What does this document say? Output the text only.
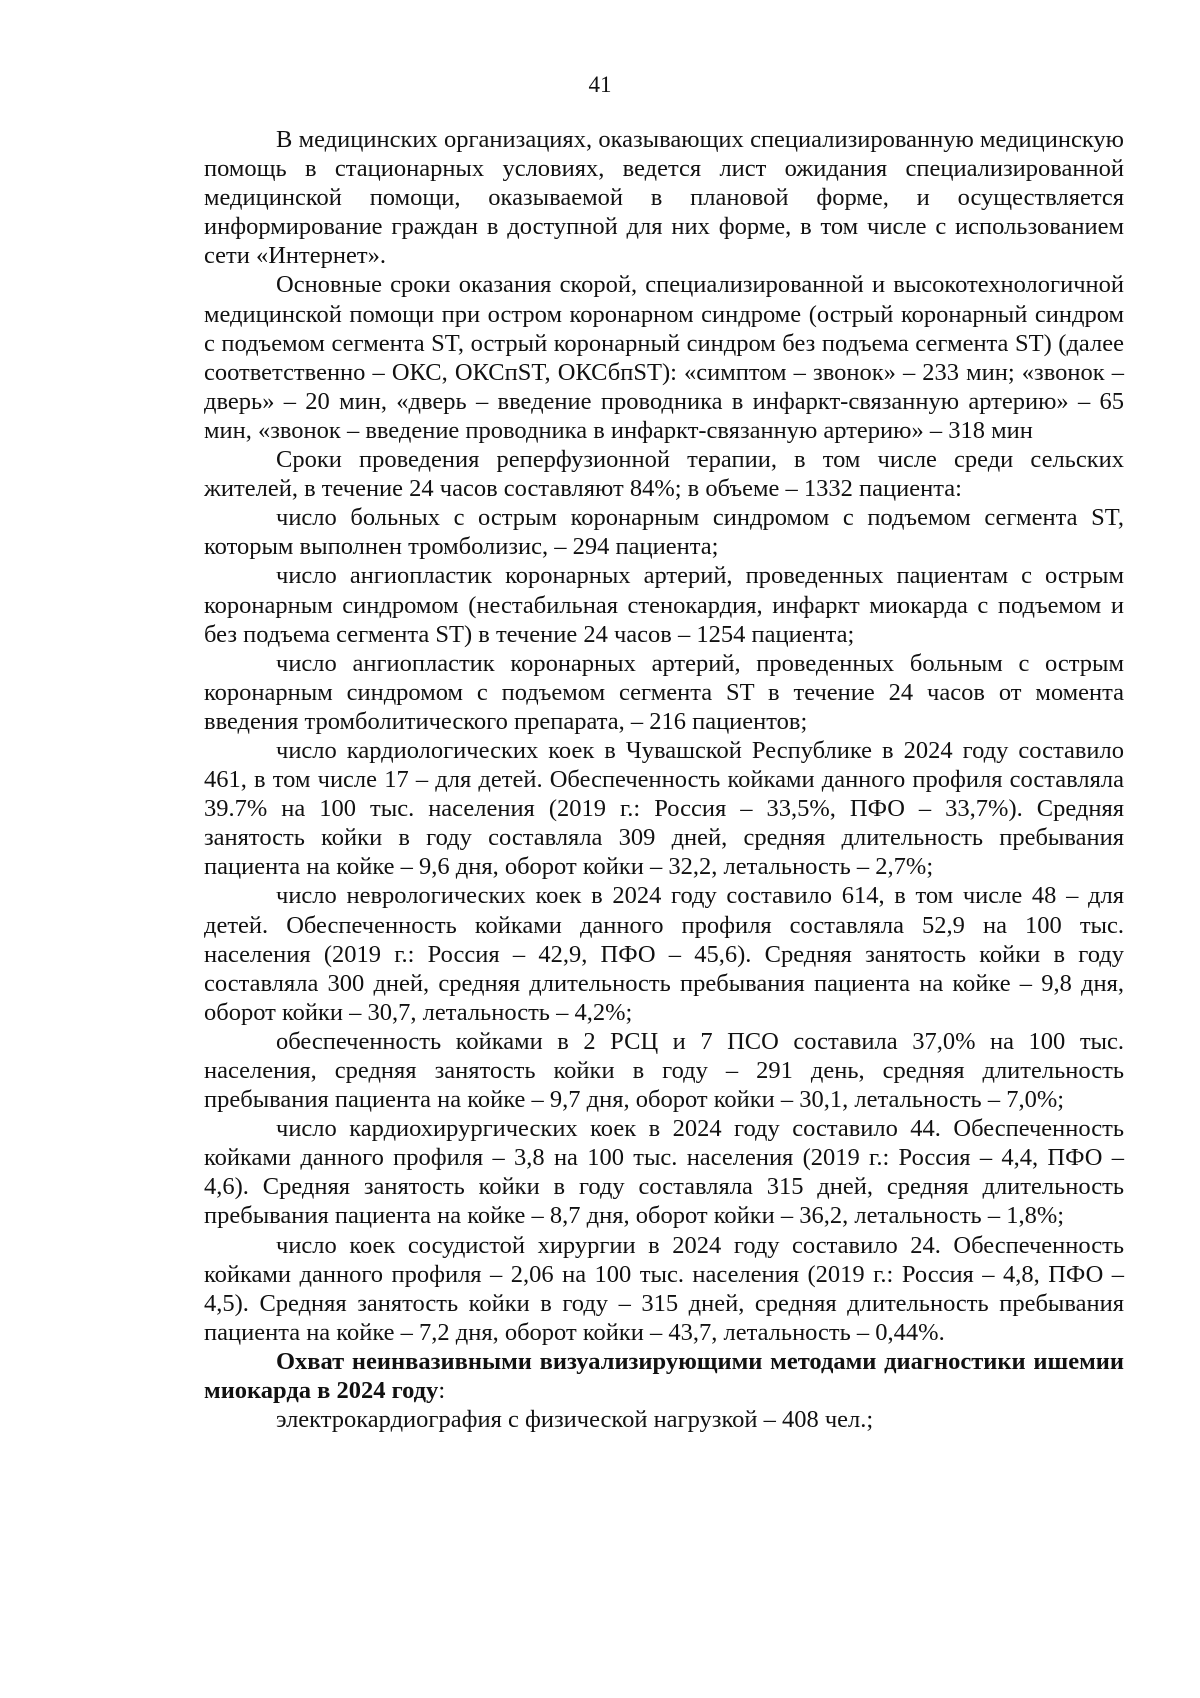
41

В медицинских организациях, оказывающих специализированную медицинскую помощь в стационарных условиях, ведется лист ожидания специализированной медицинской помощи, оказываемой в плановой форме, и осуществляется информирование граждан в доступной для них форме, в том числе с использованием сети «Интернет».

Основные сроки оказания скорой, специализированной и высокотехнологичной медицинской помощи при остром коронарном синдроме (острый коронарный синдром с подъемом сегмента ST, острый коронарный синдром без подъема сегмента ST) (далее соответственно – ОКС, ОКСпST, ОКСбпST): «симптом – звонок» – 233 мин; «звонок – дверь» – 20 мин, «дверь – введение проводника в инфаркт-связанную артерию» – 65 мин, «звонок – введение проводника в инфаркт-связанную артерию» – 318 мин

Сроки проведения реперфузионной терапии, в том числе среди сельских жителей, в течение 24 часов составляют 84%; в объеме – 1332 пациента:

число больных с острым коронарным синдромом с подъемом сегмента ST, которым выполнен тромболизис, – 294 пациента;

число ангиопластик коронарных артерий, проведенных пациентам с острым коронарным синдромом (нестабильная стенокардия, инфаркт миокарда с подъемом и без подъема сегмента ST) в течение 24 часов – 1254 пациента;

число ангиопластик коронарных артерий, проведенных больным с острым коронарным синдромом с подъемом сегмента ST в течение 24 часов от момента введения тромболитического препарата, – 216 пациентов;

число кардиологических коек в Чувашской Республике в 2024 году составило 461, в том числе 17 – для детей. Обеспеченность койками данного профиля составляла 39.7% на 100 тыс. населения (2019 г.: Россия – 33,5%, ПФО – 33,7%). Средняя занятость койки в году составляла 309 дней, средняя длительность пребывания пациента на койке – 9,6 дня, оборот койки – 32,2, летальность – 2,7%;

число неврологических коек в 2024 году составило 614, в том числе 48 – для детей. Обеспеченность койками данного профиля составляла 52,9 на 100 тыс. населения (2019 г.: Россия – 42,9, ПФО – 45,6). Средняя занятость койки в году составляла 300 дней, средняя длительность пребывания пациента на койке – 9,8 дня, оборот койки – 30,7, летальность – 4,2%;

обеспеченность койками в 2 РСЦ и 7 ПСО составила 37,0% на 100 тыс. населения, средняя занятость койки в году – 291 день, средняя длительность пребывания пациента на койке – 9,7 дня, оборот койки – 30,1, летальность – 7,0%;

число кардиохирургических коек в 2024 году составило 44. Обеспеченность койками данного профиля – 3,8 на 100 тыс. населения (2019 г.: Россия – 4,4, ПФО – 4,6). Средняя занятость койки в году составляла 315 дней, средняя длительность пребывания пациента на койке – 8,7 дня, оборот койки – 36,2, летальность – 1,8%;

число коек сосудистой хирургии в 2024 году составило 24. Обеспеченность койками данного профиля – 2,06 на 100 тыс. населения (2019 г.: Россия – 4,8, ПФО – 4,5). Средняя занятость койки в году – 315 дней, средняя длительность пребывания пациента на койке – 7,2 дня, оборот койки – 43,7, летальность – 0,44%.

Охват неинвазивными визуализирующими методами диагностики ишемии миокарда в 2024 году:

электрокардиография с физической нагрузкой – 408 чел.;
